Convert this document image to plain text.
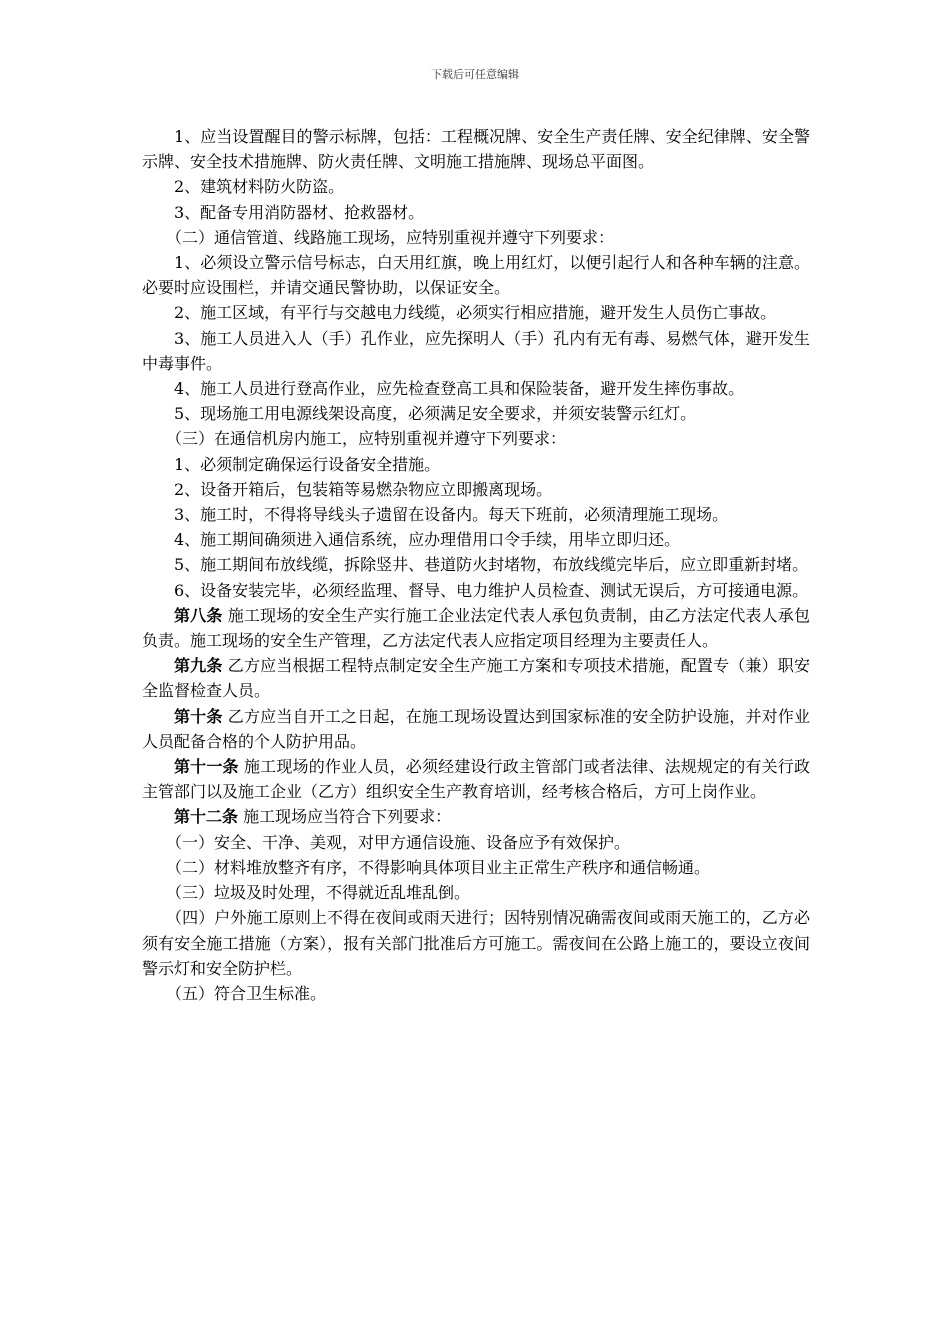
下载后可任意编辑

1、应当设置醒目的警示标牌，包括：工程概况牌、安全生产责任牌、安全纪律牌、安全警示牌、安全技术措施牌、防火责任牌、文明施工措施牌、现场总平面图。

2、建筑材料防火防盗。

3、配备专用消防器材、抢救器材。

（二）通信管道、线路施工现场，应特别重视并遵守下列要求：

1、必须设立警示信号标志，白天用红旗，晚上用红灯，以便引起行人和各种车辆的注意。必要时应设围栏，并请交通民警协助，以保证安全。

2、施工区域，有平行与交越电力线缆，必须实行相应措施，避开发生人员伤亡事故。

3、施工人员进入人（手）孔作业，应先探明人（手）孔内有无有毒、易燃气体，避开发生中毒事件。

4、施工人员进行登高作业，应先检查登高工具和保险装备，避开发生摔伤事故。

5、现场施工用电源线架设高度，必须满足安全要求，并须安装警示红灯。

（三）在通信机房内施工，应特别重视并遵守下列要求：

1、必须制定确保运行设备安全措施。

2、设备开箱后，包装箱等易燃杂物应立即搬离现场。

3、施工时，不得将导线头子遗留在设备内。每天下班前，必须清理施工现场。

4、施工期间确须进入通信系统，应办理借用口令手续，用毕立即归还。

5、施工期间布放线缆，拆除竖井、巷道防火封堵物，布放线缆完毕后，应立即重新封堵。

6、设备安装完毕，必须经监理、督导、电力维护人员检查、测试无误后，方可接通电源。

第八条 施工现场的安全生产实行施工企业法定代表人承包负责制，由乙方法定代表人承包负责。施工现场的安全生产管理，乙方法定代表人应指定项目经理为主要责任人。

第九条 乙方应当根据工程特点制定安全生产施工方案和专项技术措施，配置专（兼）职安全监督检查人员。

第十条 乙方应当自开工之日起，在施工现场设置达到国家标准的安全防护设施，并对作业人员配备合格的个人防护用品。

第十一条 施工现场的作业人员，必须经建设行政主管部门或者法律、法规规定的有关行政主管部门以及施工企业（乙方）组织安全生产教育培训，经考核合格后，方可上岗作业。

第十二条 施工现场应当符合下列要求：

（一）安全、干净、美观，对甲方通信设施、设备应予有效保护。

（二）材料堆放整齐有序，不得影响具体项目业主正常生产秩序和通信畅通。

（三）垃圾及时处理，不得就近乱堆乱倒。

（四）户外施工原则上不得在夜间或雨天进行；因特别情况确需夜间或雨天施工的，乙方必须有安全施工措施（方案），报有关部门批准后方可施工。需夜间在公路上施工的，要设立夜间警示灯和安全防护栏。

（五）符合卫生标准。
